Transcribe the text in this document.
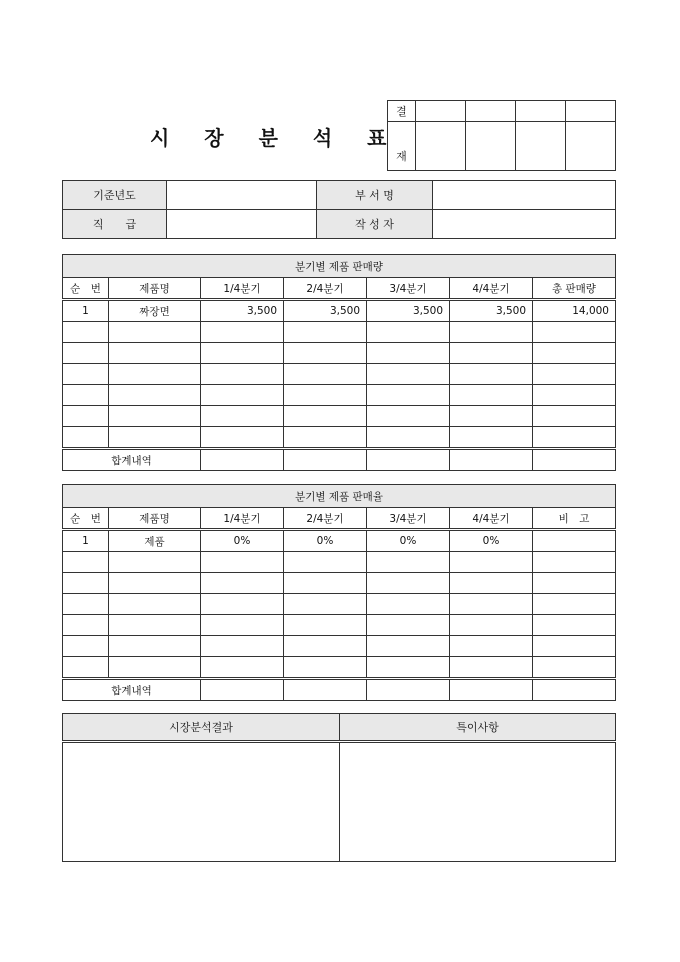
시 장 분 석 표
결				
재				
기준년도		부 서 명	
직　　급		작 성 자	
분기별 제품 판매량						
순　번	제품명	1/4분기	2/4분기	3/4분기	4/4분기	총 판매량
1	짜장면	3,500	3,500	3,500	3,500	14,000

합계내역						
분기별 제품 판매율						
순　번	제품명	1/4분기	2/4분기	3/4분기	4/4분기	비　고
1	제품	0%	0%	0%	0%	

합계내역						
시장분석결과	특이사항
